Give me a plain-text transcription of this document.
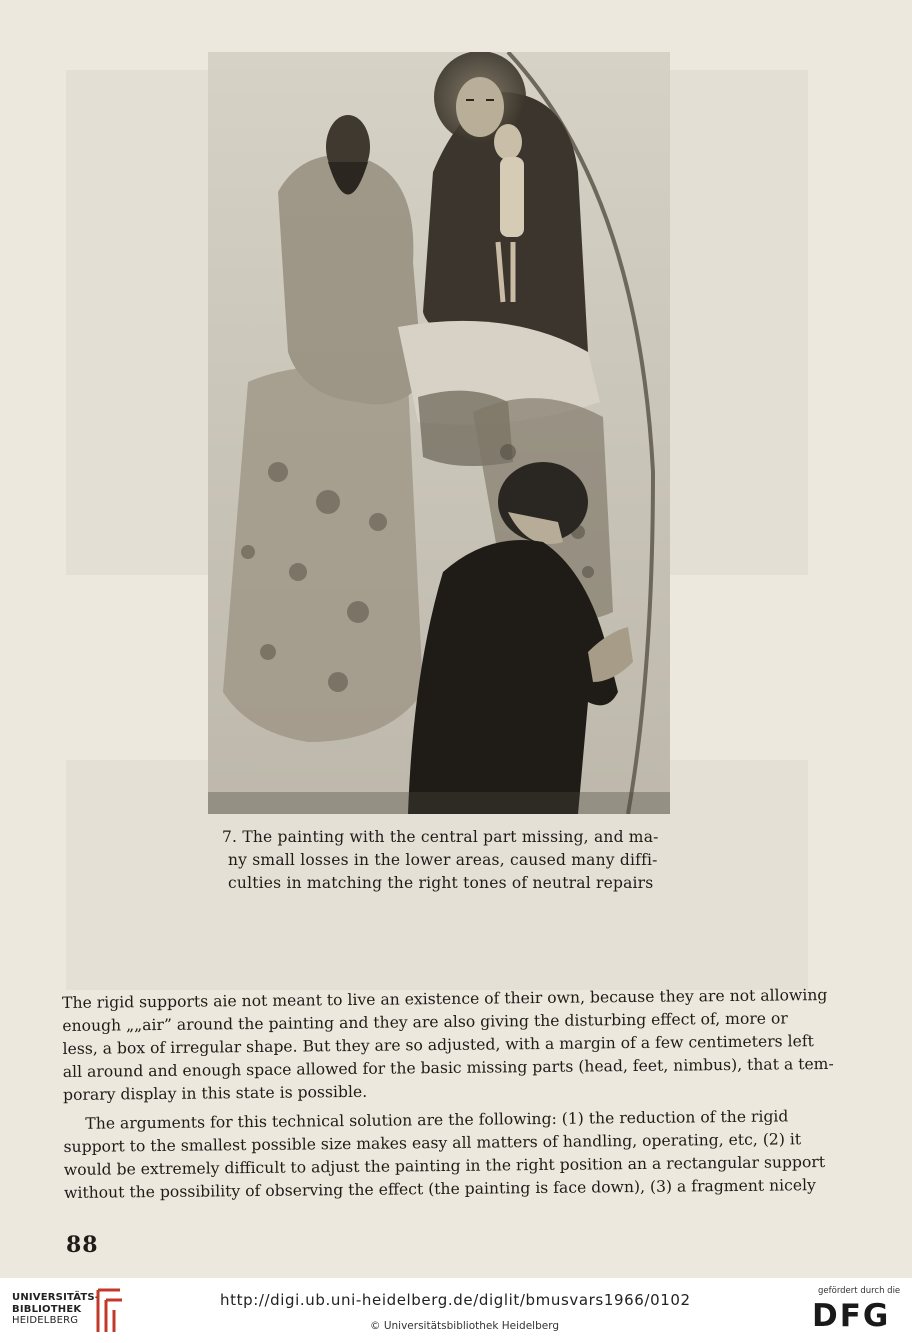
7. The painting with the central part missing, and ma-
ny small losses in the lower areas, caused many diffi-
culties in matching the right tones of neutral repairs
The rigid supports aie not meant to live an existence of their own, because they are not allowing
enough „„air” around the painting and they are also giving the disturbing effect of, more or
less, a box of irregular shape. But they are so adjusted, with a margin of a few centimeters left
all around and enough space allowed for the basic missing parts (head, feet, nimbus), that a tem-
porary display in this state is possible.
The arguments for this technical solution are the following: (1) the reduction of the rigid
support to the smallest possible size makes easy all matters of handling, operating, etc, (2) it
would be extremely difficult to adjust the painting in the right position an a rectangular support
without the possibility of observing the effect (the painting is face down), (3) a fragment nicely
88
UNIVERSITÄTS-
BIBLIOTHEK
HEIDELBERG
http://digi.ub.uni-heidelberg.de/diglit/bmusvars1966/0102
© Universitätsbibliothek Heidelberg
gefördert durch die
DFG
